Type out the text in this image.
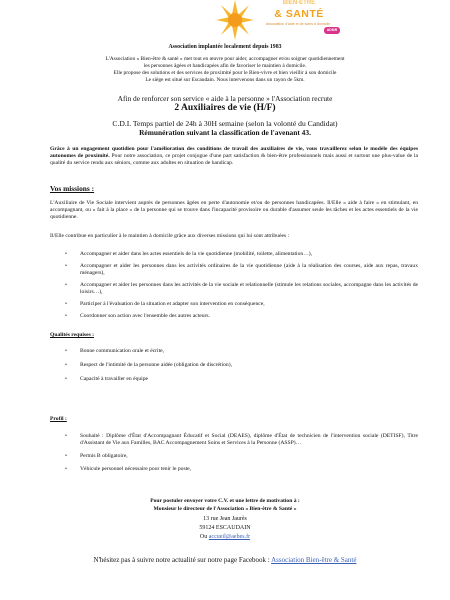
BIEN-ÊTRE
& SANTÉ
Association d'aide et de soins à domicile
ADMR
Association implantée localement depuis 1983
L'Association « Bien-être & santé » met tout en œuvre pour aider, accompagner et/ou soigner quotidiennement
les personnes âgées et handicapées afin de favoriser le maintien à domicile.
Elle propose des solutions et des services de proximité pour le Bien-vivre et bien vieillir à son domicile
Le siège est situé sur Escaudain. Nous intervenons dans un rayon de 5km.
Afin de renforcer son service « aide à la personne » l'Association recrute
2 Auxiliaires de vie (H/F)
C.D.I. Temps partiel de 24h à 30H semaine (selon la volonté du Candidat)
Rémunération suivant la classification de l'avenant 43.

Grâce à un engagement quotidien pour l'amélioration des conditions de travail des auxiliaires de vie, vous travaillerez selon le modèle des équipes autonomes de proximité. Pour notre association, ce projet conjugue d'une part satisfaction & bien-être professionnels mais aussi et surtout une plus-value de la qualité du service rendu aux séniors, comme aux adultes en situation de handicap.

Vos missions :

L'Auxiliaire de Vie Sociale intervient auprès de personnes âgées en perte d'autonomie et/ou de personnes handicapées. Il/Elle « aide à faire » en stimulant, en accompagnant, ou « fait à la place » de la personne qui se trouve dans l'incapacité provisoire ou durable d'assumer seule les tâches et les actes essentiels de la vie quotidienne.

Il/Elle contribue en particulier à le maintien à domicile grâce aux diverses missions qui lui sont attribuées :

• Accompagner et aider dans les actes essentiels de la vie quotidienne (mobilité, toilette, alimentation…),
• Accompagner et aider les personnes dans les activités ordinaires de la vie quotidienne (aide à la réalisation des courses, aide aux repas, travaux ménagers),
• Accompagner et aider les personnes dans les activités de la vie sociale et relationnelle (stimule les relations sociales, accompagne dans les activités de loisirs…),
• Participer à l'évaluation de la situation et adapter son intervention en conséquence,
• Coordonner son action avec l'ensemble des autres acteurs.
Qualités requises :
• Bonne communication orale et écrite,
• Respect de l'intimité de la personne aidée (obligation de discrétion),
• Capacité à travailler en équipe
Profil :
• Souhaité : Diplôme d'État d'Accompagnant Éducatif et Social (DEAES), diplôme d'État de technicien de l'intervention sociale (DETISF), Titre d'Assistant de Vie aux Familles, BAC Accompagnement Soins et Services à la Personne (ASSP)…
• Permis B obligatoire,
• Véhicule personnel nécessaire pour tenir le poste,
Pour postuler envoyer votre C.V. et une lettre de motivation à :
Monsieur le directeur de l'Association « Bien-être & Santé »
13 rue Jean Jaurès
59124 ESCAUDAIN
Ou accueil@aebes.fr
N'hésitez pas à suivre notre actualité sur notre page Facebook : Association Bien-être & Santé
